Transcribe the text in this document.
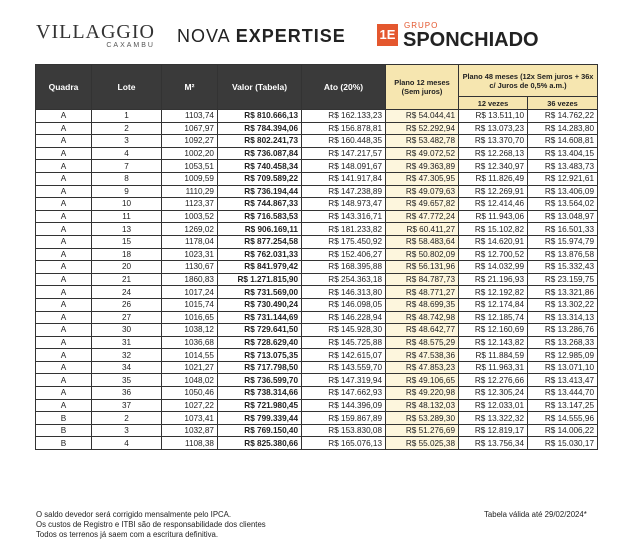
VILLAGGIO
CAXAMBU NOVA EXPERTISE	1E
GRUPO
SPONCHIADO
Quadra	Lote	M²	Valor (Tabela)	Ato (20%)	Plano 12 meses (Sem juros)	Plano 48 meses (12x Sem juros + 36x c/ Juros de 0,5% a.m.)	
						12 vezes	36 vezes
A	1	1103,74	R$ 810.666,13	R$ 162.133,23	R$ 54.044,41	R$ 13.511,10	R$ 14.762,22
A	2	1067,97	R$ 784.394,06	R$ 156.878,81	R$ 52.292,94	R$ 13.073,23	R$ 14.283,80
A	3	1092,27	R$ 802.241,73	R$ 160.448,35	R$ 53.482,78	R$ 13.370,70	R$ 14.608,81
A	4	1002,20	R$ 736.087,84	R$ 147.217,57	R$ 49.072,52	R$ 12.268,13	R$ 13.404,15
A	7	1053,51	R$ 740.458,34	R$ 148.091,67	R$ 49.363,89	R$ 12.340,97	R$ 13.483,73
A	8	1009,59	R$ 709.589,22	R$ 141.917,84	R$ 47.305,95	R$ 11.826,49	R$ 12.921,61
A	9	1110,29	R$ 736.194,44	R$ 147.238,89	R$ 49.079,63	R$ 12.269,91	R$ 13.406,09
A	10	1123,37	R$ 744.867,33	R$ 148.973,47	R$ 49.657,82	R$ 12.414,46	R$ 13.564,02
A	11	1003,52	R$ 716.583,53	R$ 143.316,71	R$ 47.772,24	R$ 11.943,06	R$ 13.048,97
A	13	1269,02	R$ 906.169,11	R$ 181.233,82	R$ 60.411,27	R$ 15.102,82	R$ 16.501,33
A	15	1178,04	R$ 877.254,58	R$ 175.450,92	R$ 58.483,64	R$ 14.620,91	R$ 15.974,79
A	18	1023,31	R$ 762.031,33	R$ 152.406,27	R$ 50.802,09	R$ 12.700,52	R$ 13.876,58
A	20	1130,67	R$ 841.979,42	R$ 168.395,88	R$ 56.131,96	R$ 14.032,99	R$ 15.332,43
A	21	1860,83	R$ 1.271.815,90	R$ 254.363,18	R$ 84.787,73	R$ 21.196,93	R$ 23.159,75
A	24	1017,24	R$ 731.569,00	R$ 146.313,80	R$ 48.771,27	R$ 12.192,82	R$ 13.321,86
A	26	1015,74	R$ 730.490,24	R$ 146.098,05	R$ 48.699,35	R$ 12.174,84	R$ 13.302,22
A	27	1016,65	R$ 731.144,69	R$ 146.228,94	R$ 48.742,98	R$ 12.185,74	R$ 13.314,13
A	30	1038,12	R$ 729.641,50	R$ 145.928,30	R$ 48.642,77	R$ 12.160,69	R$ 13.286,76
A	31	1036,68	R$ 728.629,40	R$ 145.725,88	R$ 48.575,29	R$ 12.143,82	R$ 13.268,33
A	32	1014,55	R$ 713.075,35	R$ 142.615,07	R$ 47.538,36	R$ 11.884,59	R$ 12.985,09
A	34	1021,27	R$ 717.798,50	R$ 143.559,70	R$ 47.853,23	R$ 11.963,31	R$ 13.071,10
A	35	1048,02	R$ 736.599,70	R$ 147.319,94	R$ 49.106,65	R$ 12.276,66	R$ 13.413,47
A	36	1050,46	R$ 738.314,66	R$ 147.662,93	R$ 49.220,98	R$ 12.305,24	R$ 13.444,70
A	37	1027,22	R$ 721.980,45	R$ 144.396,09	R$ 48.132,03	R$ 12.033,01	R$ 13.147,25
B	2	1073,41	R$ 799.339,44	R$ 159.867,89	R$ 53.289,30	R$ 13.322,32	R$ 14.555,96
B	3	1032,87	R$ 769.150,40	R$ 153.830,08	R$ 51.276,69	R$ 12.819,17	R$ 14.006,22
B	4	1108,38	R$ 825.380,66	R$ 165.076,13	R$ 55.025,38	R$ 13.756,34	R$ 15.030,17
O saldo devedor será corrigido mensalmente pelo IPCA.
Os custos de Registro e ITBI são de responsabilidade dos clientes
Todos os terrenos já saem com a escritura definitiva.
Tabela válida até 29/02/2024*
